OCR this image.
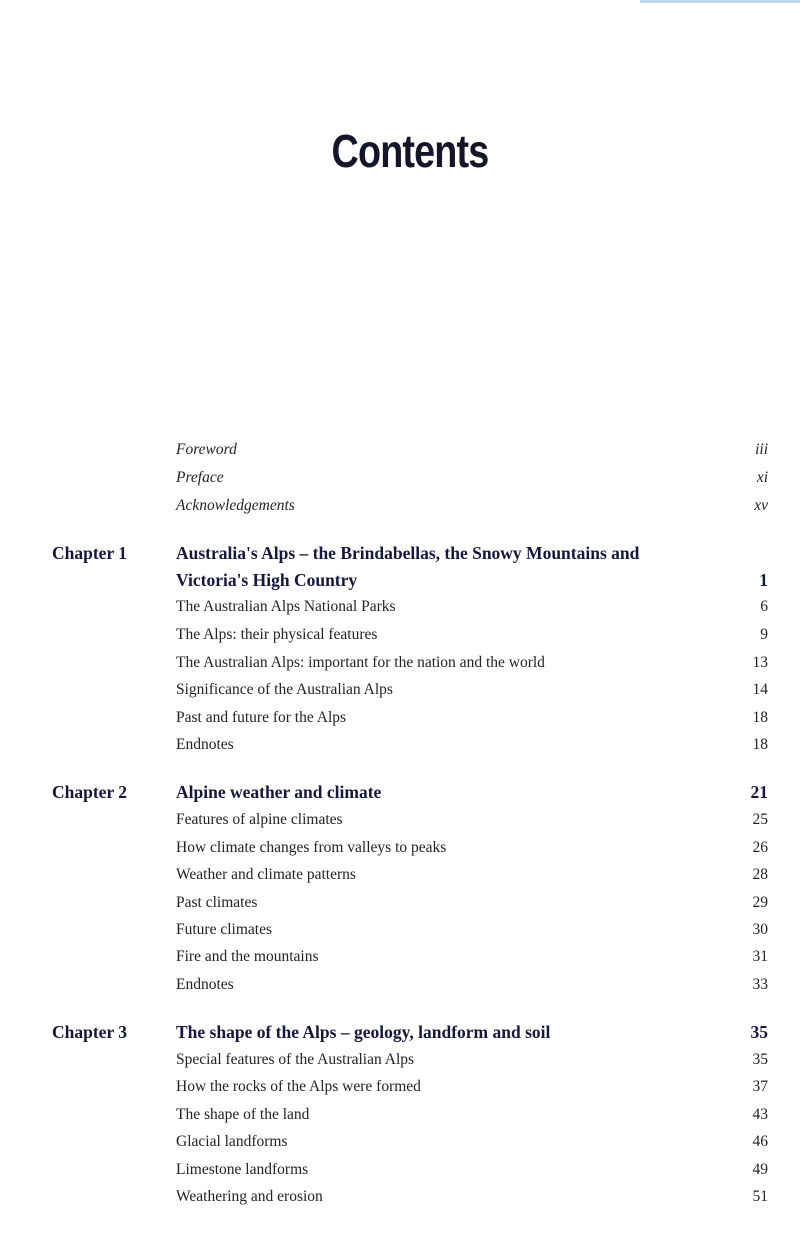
Contents
Foreword	iii
Preface	xi
Acknowledgements	xv
Chapter 1	Australia's Alps – the Brindabellas, the Snowy Mountains and
Victoria's High Country	1
The Australian Alps National Parks	6
The Alps: their physical features	9
The Australian Alps: important for the nation and the world	13
Significance of the Australian Alps	14
Past and future for the Alps	18
Endnotes	18
Chapter 2	Alpine weather and climate	21
Features of alpine climates	25
How climate changes from valleys to peaks	26
Weather and climate patterns	28
Past climates	29
Future climates	30
Fire and the mountains	31
Endnotes	33
Chapter 3	The shape of the Alps – geology, landform and soil	35
Special features of the Australian Alps	35
How the rocks of the Alps were formed	37
The shape of the land	43
Glacial landforms	46
Limestone landforms	49
Weathering and erosion	51
